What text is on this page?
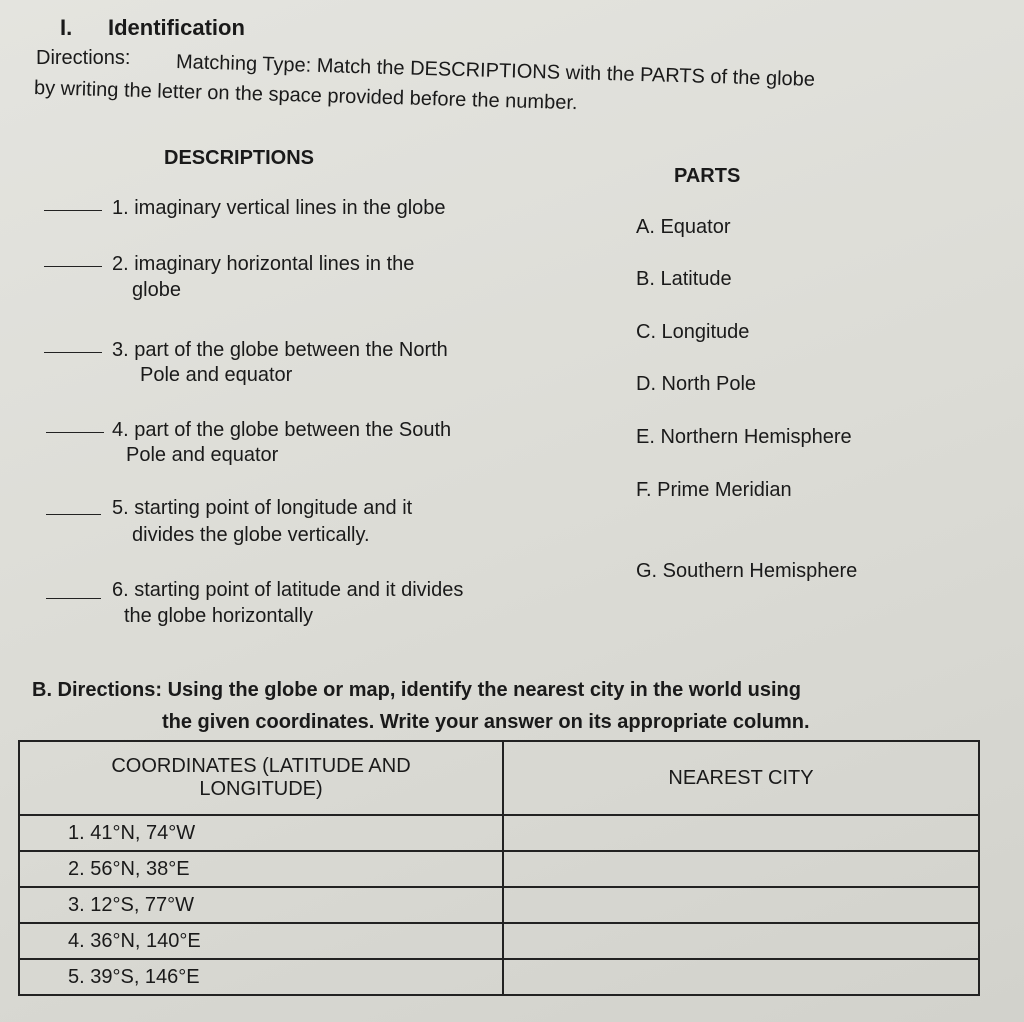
I. Identification
Directions: Matching Type: Match the DESCRIPTIONS with the PARTS of the globe
by writing the letter on the space provided before the number.
DESCRIPTIONS
PARTS
1. imaginary vertical lines in the globe
2. imaginary horizontal lines in the
globe
3. part of the globe between the North
Pole and equator
4. part of the globe between the South
Pole and equator
5. starting point of longitude and it
divides the globe vertically.
6. starting point of latitude and it divides
the globe horizontally
A. Equator
B. Latitude
C. Longitude
D. North Pole
E. Northern Hemisphere
F. Prime Meridian
G. Southern Hemisphere
B. Directions: Using the globe or map, identify the nearest city in the world using
the given coordinates. Write your answer on its appropriate column.
COORDINATES (LATITUDE AND
LONGITUDE)	NEAREST CITY
1. 41°N, 74°W	
2. 56°N, 38°E	
3. 12°S, 77°W	
4. 36°N, 140°E	
5. 39°S, 146°E	
